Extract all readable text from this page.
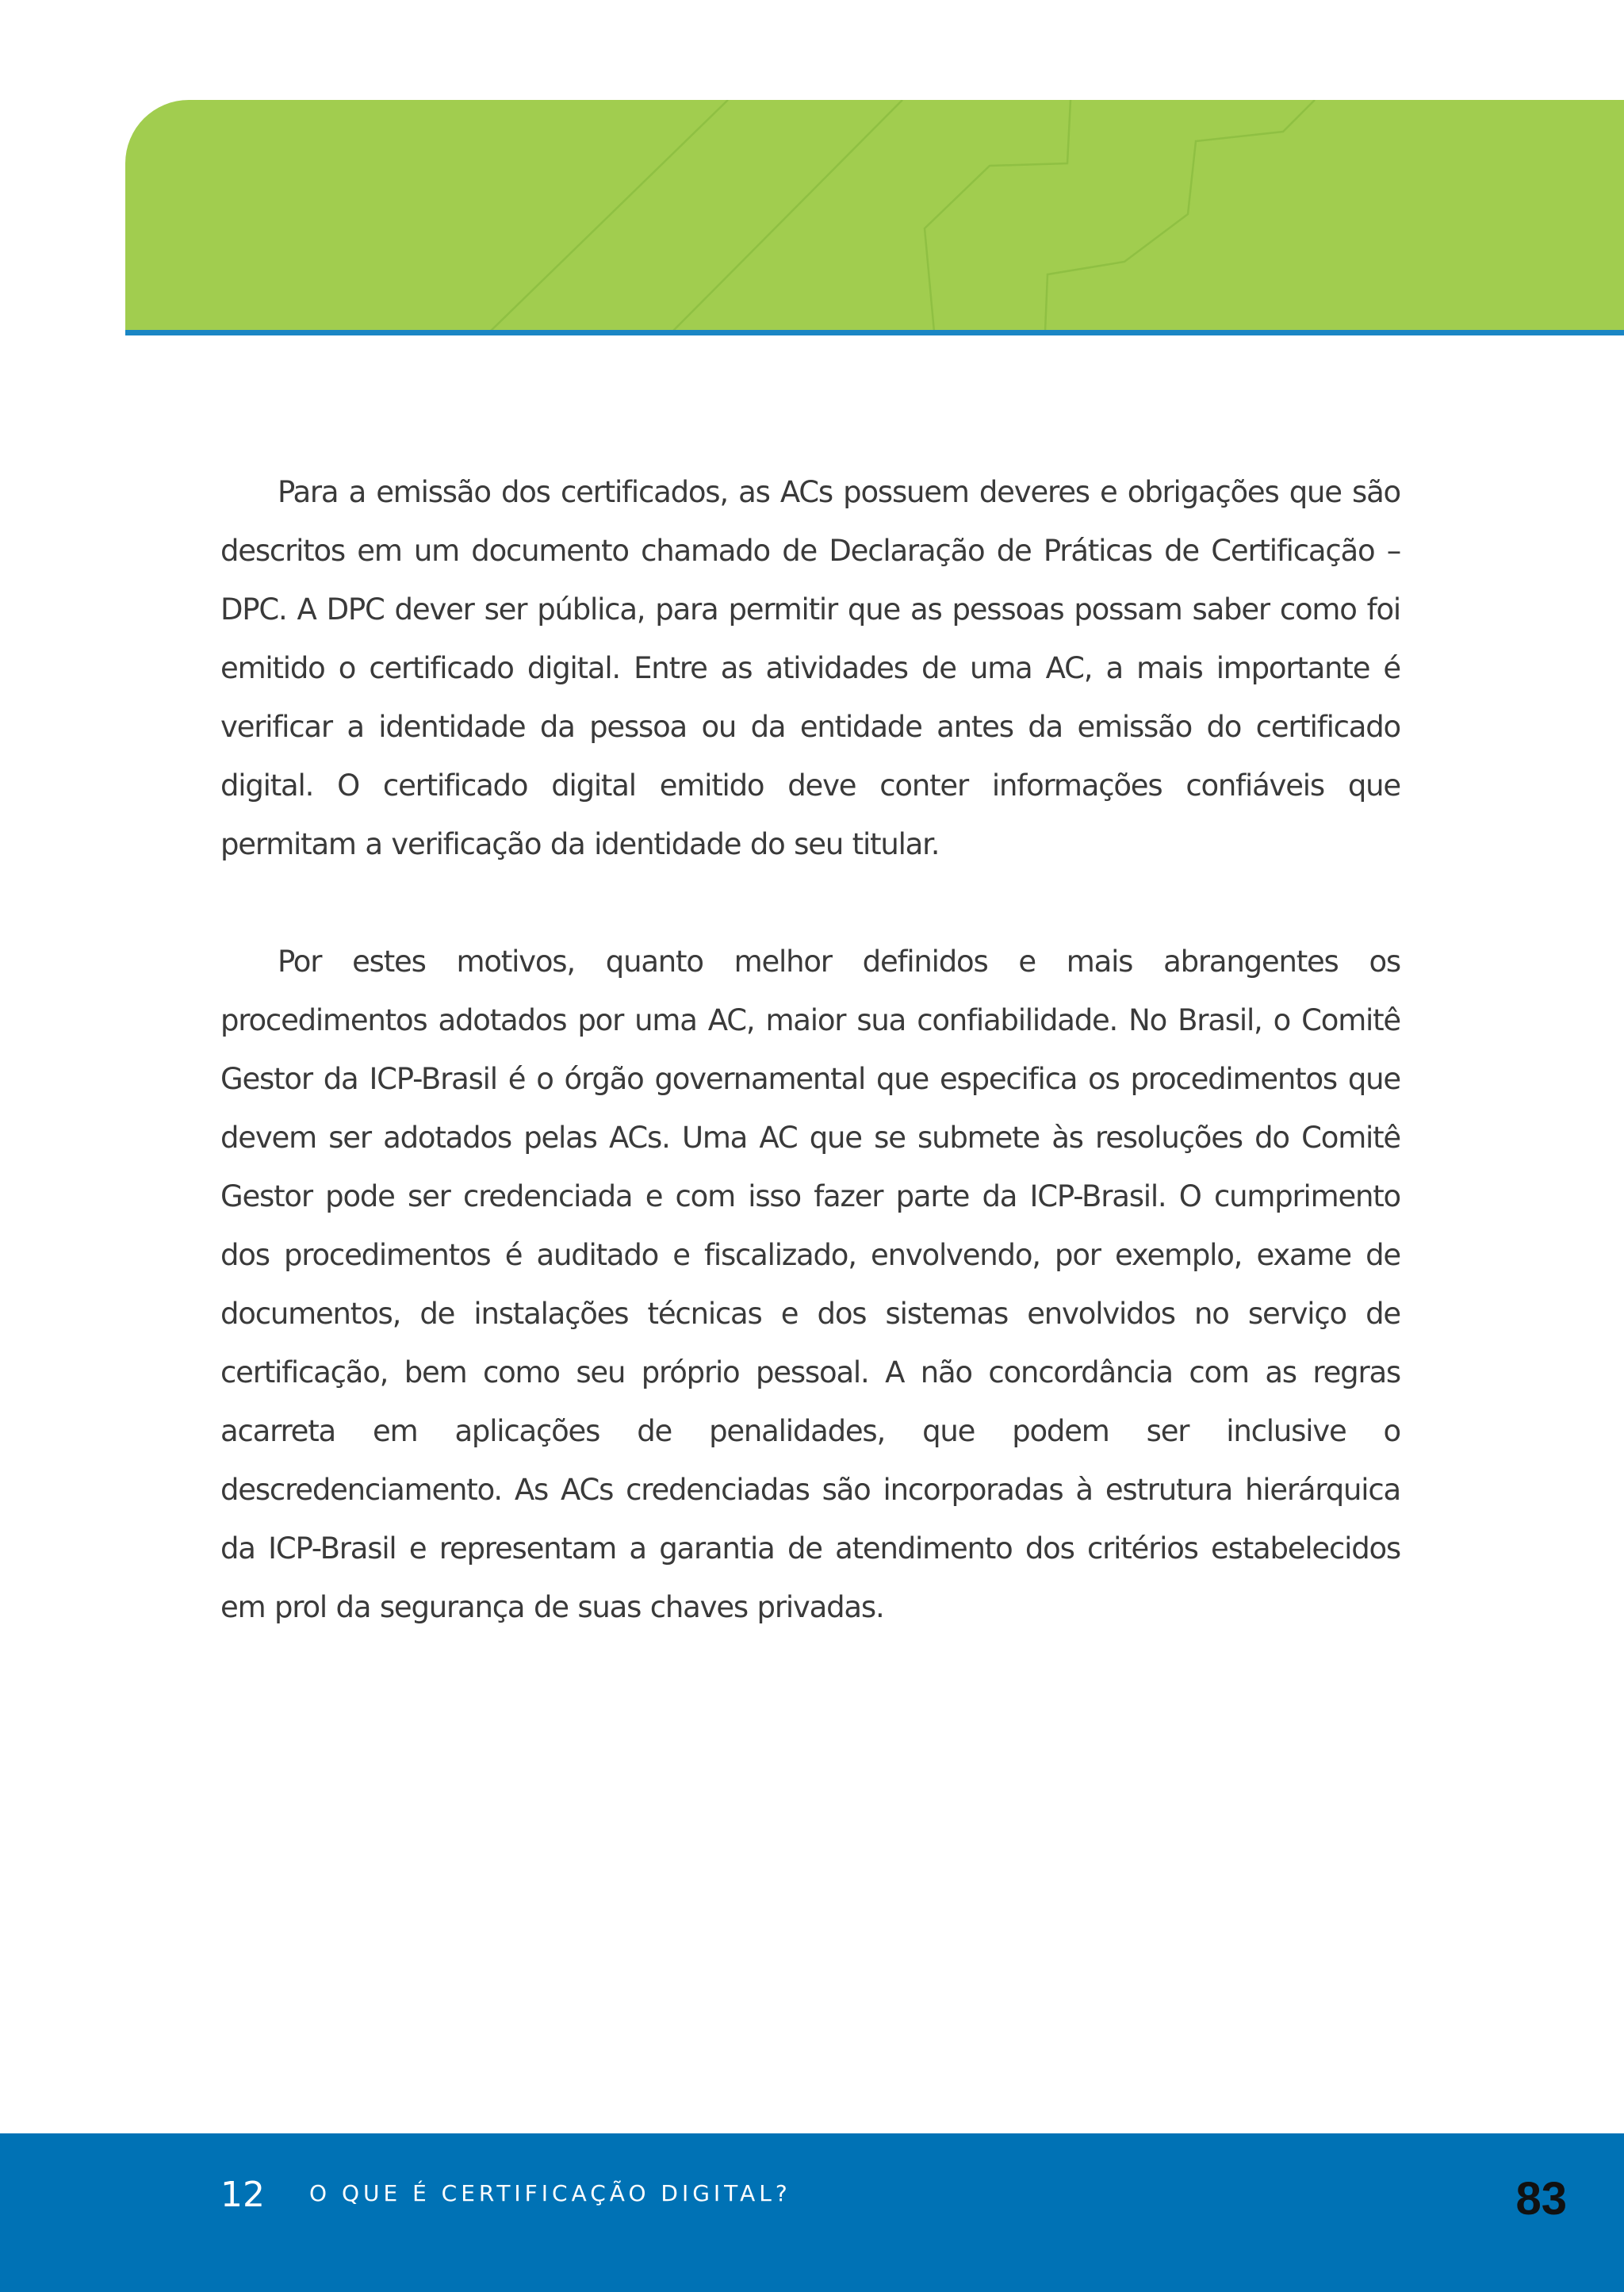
Para a emissão dos certificados, as ACs possuem deveres e obrigações que são descritos em um documento chamado de Declaração de Práticas de Certificação – DPC. A DPC dever ser pública, para permitir que as pessoas possam saber como foi emitido o certificado digital. Entre as atividades de uma AC, a mais importante é verificar a identidade da pessoa ou da entidade antes da emissão do certificado digital. O certificado digital emitido deve conter informações confiáveis que permitam a verificação da identidade do seu titular.

Por estes motivos, quanto melhor definidos e mais abrangentes os procedimentos adotados por uma AC, maior sua confiabilidade. No Brasil, o Comitê Gestor da ICP-Brasil é o órgão governamental que especifica os procedimentos que devem ser adotados pelas ACs. Uma AC que se submete às resoluções do Comitê Gestor pode ser credenciada e com isso fazer parte da ICP-Brasil. O cumprimento dos procedimentos é auditado e fiscalizado, envolvendo, por exemplo, exame de documentos, de instalações técnicas e dos sistemas envolvidos no serviço de certificação, bem como seu próprio pessoal. A não concordância com as regras acarreta em aplicações de penalidades, que podem ser inclusive o descredenciamento. As ACs credenciadas são incorporadas à estrutura hierárquica da ICP-Brasil e representam a garantia de atendimento dos critérios estabelecidos em prol da segurança de suas chaves privadas.

12 O QUE É CERTIFICAÇÃO DIGITAL?	83
